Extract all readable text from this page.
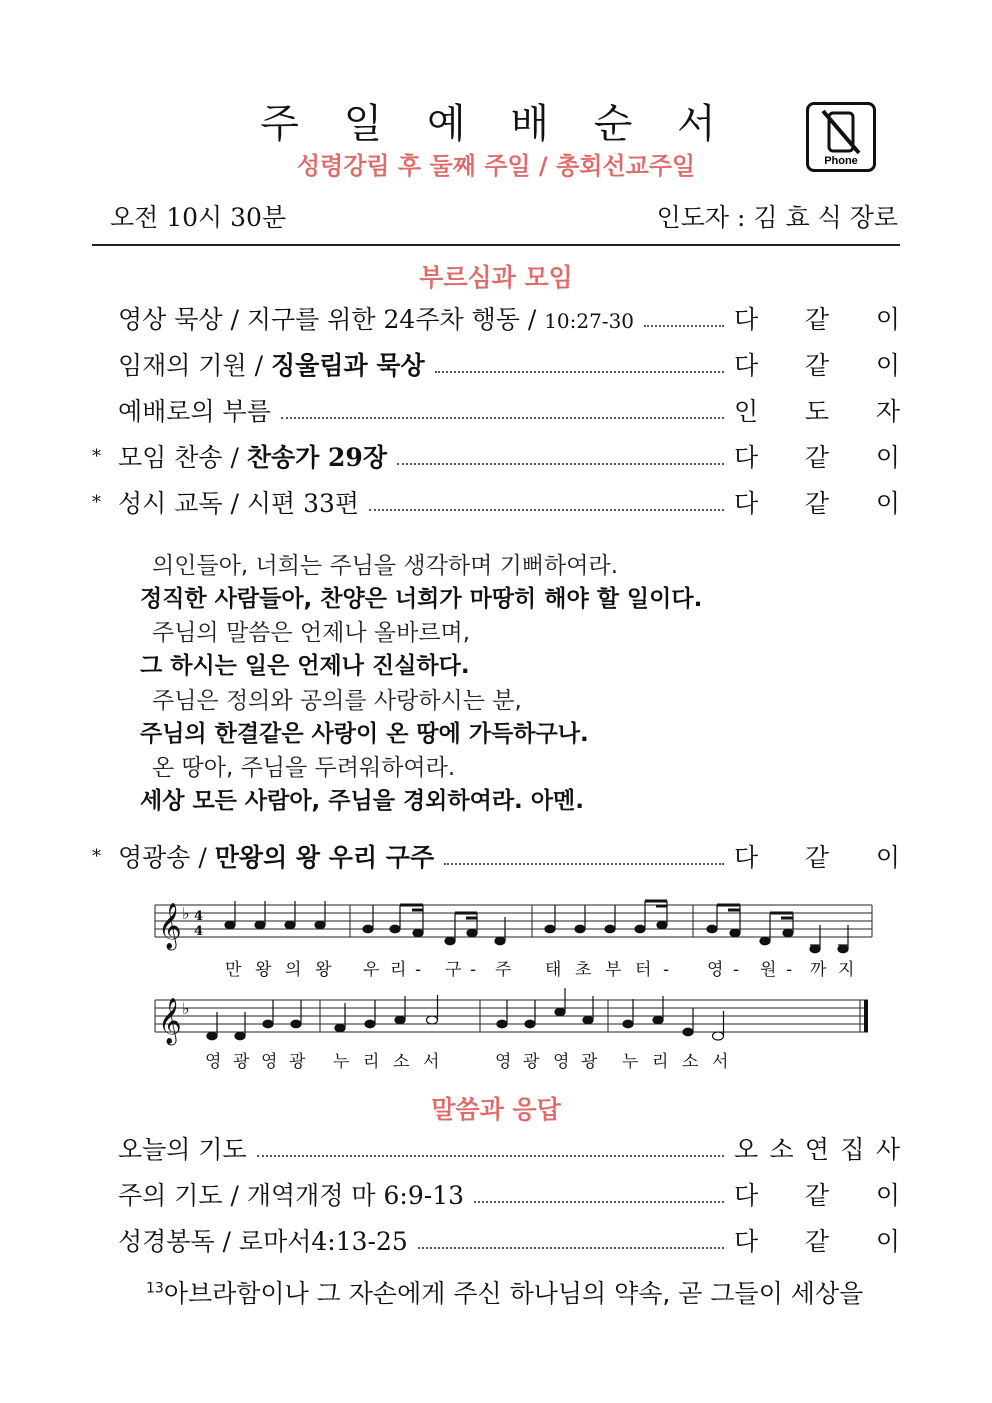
주 일 예 배 순 서
성령강림 후 둘째 주일 / 총회선교주일	Phone
오전 10시 30분	인도자 : 김 효 식 장로
부르심과 모임
영상 묵상 / 지구를 위한 24주차 행동 / 10:27-30	다 같 이
임재의 기원 / 징울림과 묵상	다 같 이
예배로의 부름	인 도 자
* 모임 찬송 / 찬송가 29장	다 같 이
* 성시 교독 / 시편 33편	다 같 이
의인들아, 너희는 주님을 생각하며 기뻐하여라.
정직한 사람들아, 찬양은 너희가 마땅히 해야 할 일이다.
주님의 말씀은 언제나 올바르며,
그 하시는 일은 언제나 진실하다.
주님은 정의와 공의를 사랑하시는 분,
주님의 한결같은 사랑이 온 땅에 가득하구나.
온 땅아, 주님을 두려워하여라.
세상 모든 사람아, 주님을 경외하여라. 아멘.
* 영광송 / 만왕의 왕 우리 구주	다 같 이
𝄞 ♭ 4
4
𝄞 ♭
만 왕 의 왕 우 리 - 구 - 주 태 초 부 터 - 영 - 원 - 까 지
영 광 영 광 누 리 소 서	영 광 영 광 누 리 소 서
말씀과 응답
오늘의 기도	오 소 연 집 사
주의 기도 / 개역개정 마 6:9-13	다 같 이
성경봉독 / 로마서4:13-25	다 같 이
$^{13}$아브라함이나 그 자손에게 주신 하나님의 약속, 곧 그들이 세상을
